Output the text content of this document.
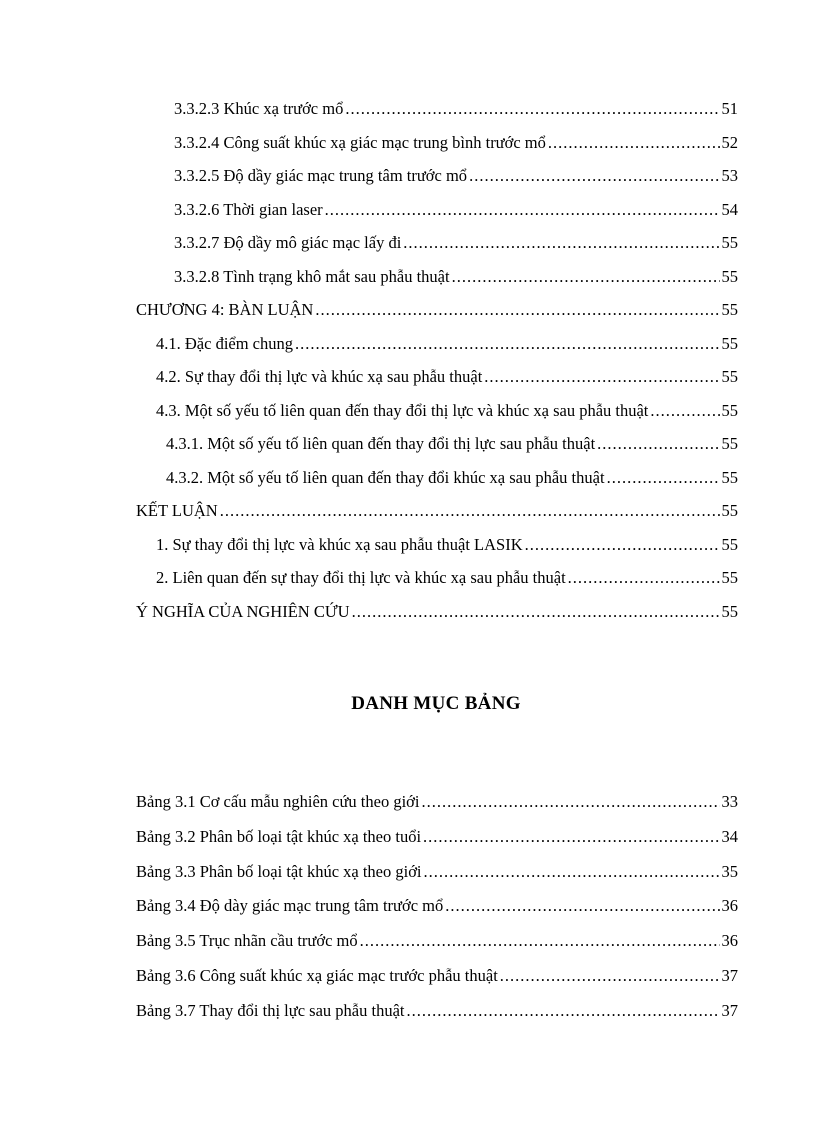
3.3.2.3 Khúc xạ trước mổ .....	51
3.3.2.4 Công suất khúc xạ giác mạc trung bình trước mổ .....	52
3.3.2.5 Độ dầy giác mạc trung tâm trước mổ .....	53
3.3.2.6 Thời gian laser .....	54
3.3.2.7 Độ dầy mô giác mạc lấy đi .....	55
3.3.2.8 Tình trạng khô mắt sau phẫu thuật .....	55
CHƯƠNG 4: BÀN LUẬN .....	55
4.1. Đặc điểm chung .....	55
4.2. Sự thay đổi thị lực và khúc xạ sau phẫu thuật .....	55
4.3. Một số yếu tố liên quan đến thay đổi thị lực và khúc xạ sau phẫu thuật .....	55
4.3.1. Một số yếu tố liên quan đến thay đổi thị lực sau phẫu thuật .....	55
4.3.2. Một số yếu tố liên quan đến thay đổi khúc xạ sau phẫu thuật .....	55
KẾT LUẬN .....	55
1. Sự thay đổi thị lực và khúc xạ sau phẫu thuật LASIK .....	55
2. Liên quan đến sự thay đổi thị lực và khúc xạ sau phẫu thuật .....	55
Ý NGHĨA CỦA NGHIÊN CỨU .....	55
DANH MỤC BẢNG
Bảng 3.1 Cơ cấu mẫu nghiên cứu theo giới .....	33
Bảng 3.2 Phân bố loại tật khúc xạ theo tuổi .....	34
Bảng 3.3 Phân bố loại tật khúc xạ theo giới .....	35
Bảng 3.4 Độ dày giác mạc trung tâm trước mổ .....	36
Bảng 3.5 Trục nhãn cầu trước mổ .....	36
Bảng 3.6 Công suất khúc xạ giác mạc trước phẫu thuật .....	37
Bảng 3.7 Thay đổi thị lực sau phẫu thuật .....	37
